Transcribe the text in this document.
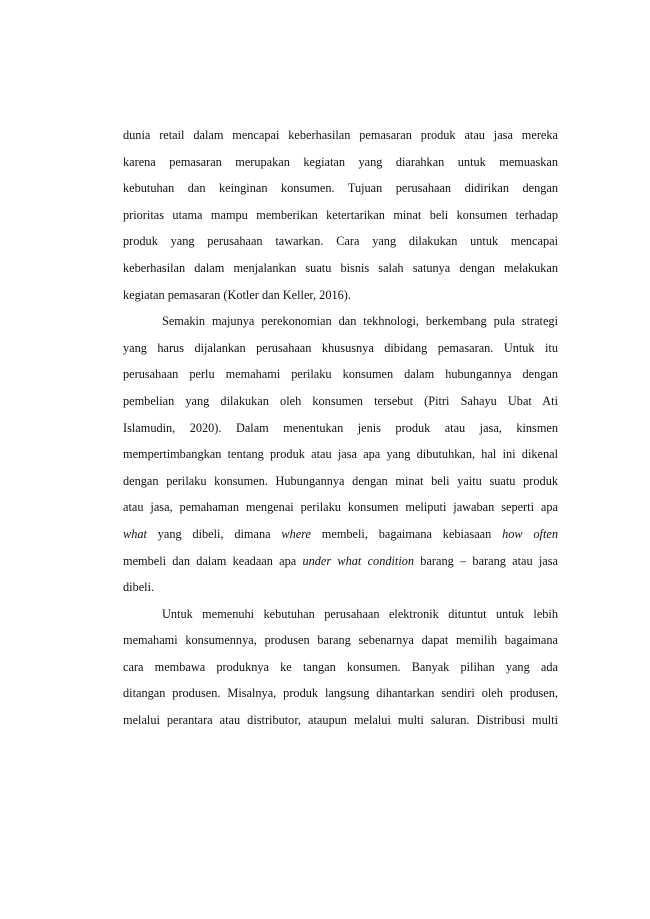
dunia retail dalam mencapai keberhasilan pemasaran produk atau jasa mereka
karena pemasaran merupakan kegiatan yang diarahkan untuk memuaskan
kebutuhan dan keinginan konsumen. Tujuan perusahaan didirikan dengan
prioritas utama mampu memberikan ketertarikan minat beli konsumen terhadap
produk yang perusahaan tawarkan. Cara yang dilakukan untuk mencapai
keberhasilan dalam menjalankan suatu bisnis salah satunya dengan melakukan
kegiatan pemasaran (Kotler dan Keller, 2016).
Semakin majunya perekonomian dan tekhnologi, berkembang pula strategi
yang harus dijalankan perusahaan khususnya dibidang pemasaran. Untuk itu
perusahaan perlu memahami perilaku konsumen dalam hubungannya dengan
pembelian yang dilakukan oleh konsumen tersebut (Pitri Sahayu Ubat Ati
Islamudin, 2020). Dalam menentukan jenis produk atau jasa, kinsmen
mempertimbangkan tentang produk atau jasa apa yang dibutuhkan, hal ini dikenal
dengan perilaku konsumen. Hubungannya dengan minat beli yaitu suatu produk
atau jasa, pemahaman mengenai perilaku konsumen meliputi jawaban seperti apa
what yang dibeli, dimana where membeli, bagaimana kebiasaan how often
membeli dan dalam keadaan apa under what condition barang – barang atau jasa
dibeli.
Untuk memenuhi kebutuhan perusahaan elektronik dituntut untuk lebih
memahami konsumennya, produsen barang sebenarnya dapat memilih bagaimana
cara membawa produknya ke tangan konsumen. Banyak pilihan yang ada
ditangan produsen. Misalnya, produk langsung dihantarkan sendiri oleh produsen,
melalui perantara atau distributor, ataupun melalui multi saluran. Distribusi multi
